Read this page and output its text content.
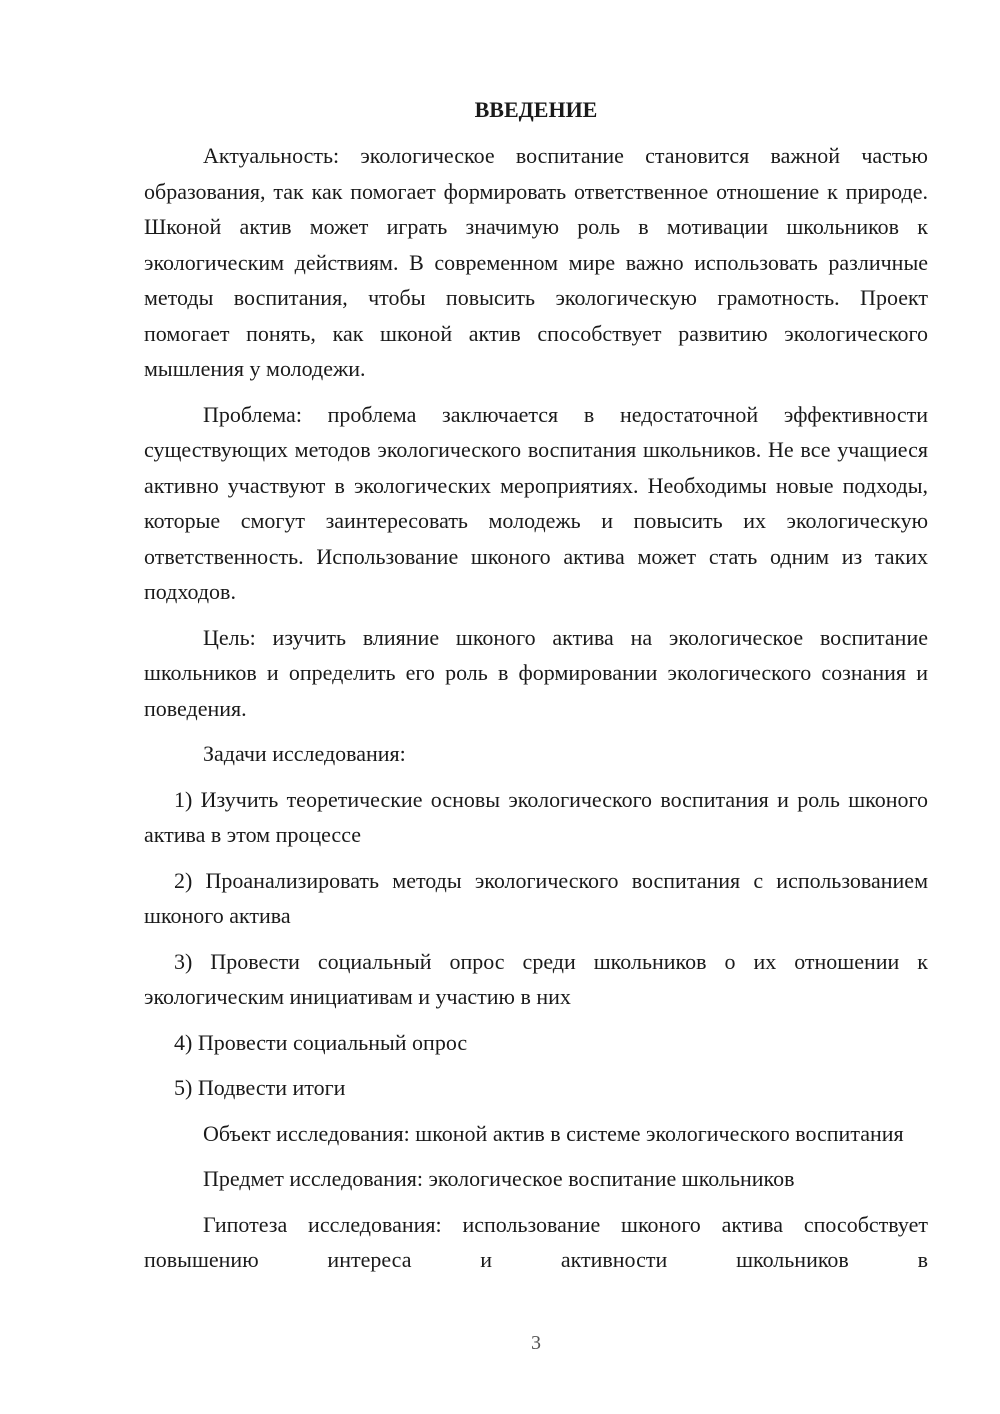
ВВЕДЕНИЕ

Актуальность: экологическое воспитание становится важной частью образования, так как помогает формировать ответственное отношение к природе. Шконой актив может играть значимую роль в мотивации школьников к экологическим действиям. В современном мире важно использовать различные методы воспитания, чтобы повысить экологическую грамотность. Проект помогает понять, как шконой актив способствует развитию экологического мышления у молодежи.

Проблема: проблема заключается в недостаточной эффективности существующих методов экологического воспитания школьников. Не все учащиеся активно участвуют в экологических мероприятиях. Необходимы новые подходы, которые смогут заинтересовать молодежь и повысить их экологическую ответственность. Использование шконого актива может стать одним из таких подходов.

Цель: изучить влияние шконого актива на экологическое воспитание школьников и определить его роль в формировании экологического сознания и поведения.

Задачи исследования:

1) Изучить теоретические основы экологического воспитания и роль шконого актива в этом процессе

2) Проанализировать методы экологического воспитания с использованием шконого актива

3) Провести социальный опрос среди школьников о их отношении к экологическим инициативам и участию в них

4) Провести социальный опрос

5) Подвести итоги

Объект исследования: шконой актив в системе экологического воспитания

Предмет исследования: экологическое воспитание школьников

Гипотеза исследования: использование шконого актива способствует повышению интереса и активности школьников в

3
